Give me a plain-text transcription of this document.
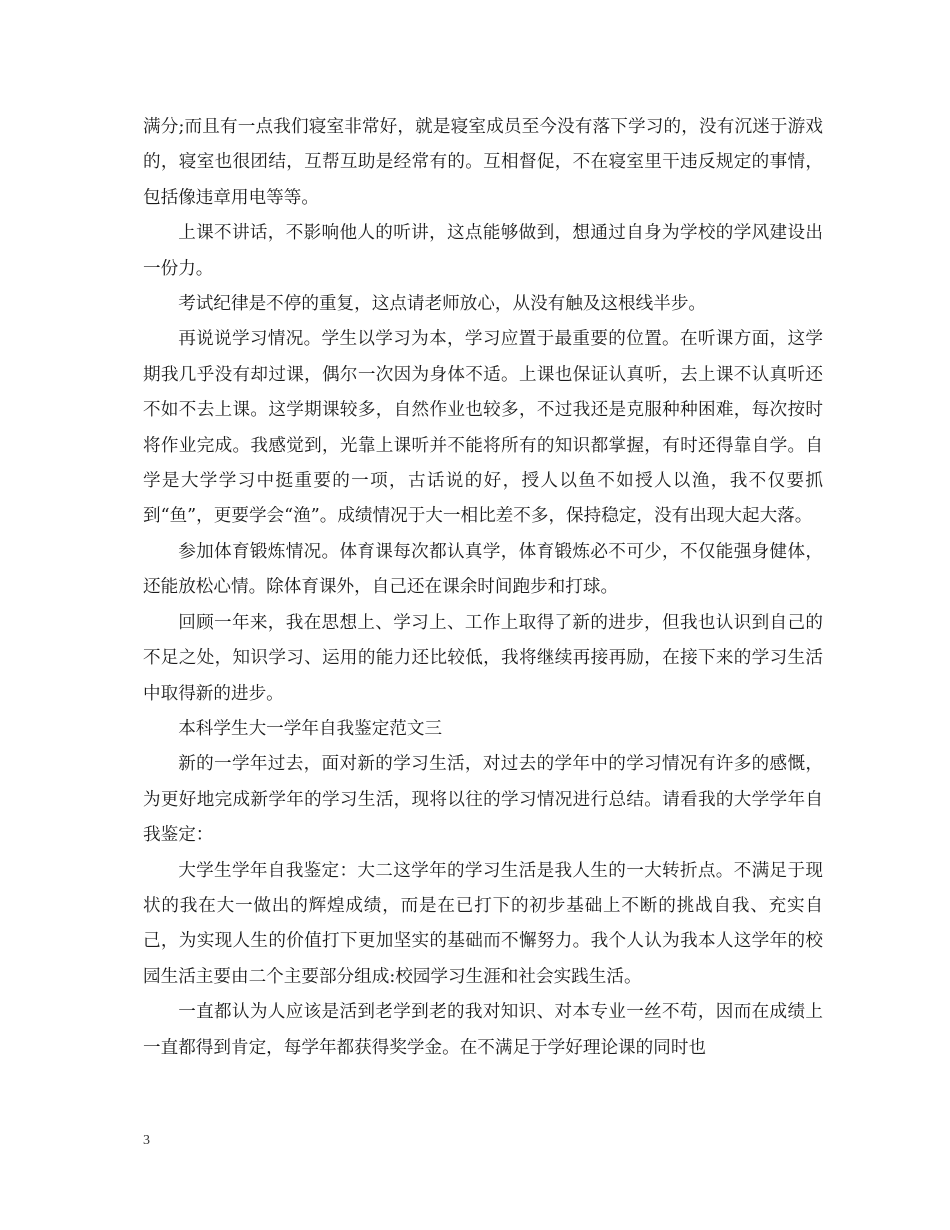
满分;而且有一点我们寝室非常好，就是寝室成员至今没有落下学习的，没有沉迷于游戏的，寝室也很团结，互帮互助是经常有的。互相督促，不在寝室里干违反规定的事情，包括像违章用电等等。

上课不讲话，不影响他人的听讲，这点能够做到，想通过自身为学校的学风建设出一份力。

考试纪律是不停的重复，这点请老师放心，从没有触及这根线半步。

再说说学习情况。学生以学习为本，学习应置于最重要的位置。在听课方面，这学期我几乎没有却过课，偶尔一次因为身体不适。上课也保证认真听，去上课不认真听还不如不去上课。这学期课较多，自然作业也较多，不过我还是克服种种困难，每次按时将作业完成。我感觉到，光靠上课听并不能将所有的知识都掌握，有时还得靠自学。自学是大学学习中挺重要的一项，古话说的好，授人以鱼不如授人以渔，我不仅要抓到“鱼”，更要学会“渔”。成绩情况于大一相比差不多，保持稳定，没有出现大起大落。

参加体育锻炼情况。体育课每次都认真学，体育锻炼必不可少，不仅能强身健体，还能放松心情。除体育课外，自己还在课余时间跑步和打球。

回顾一年来，我在思想上、学习上、工作上取得了新的进步，但我也认识到自己的不足之处，知识学习、运用的能力还比较低，我将继续再接再励，在接下来的学习生活中取得新的进步。

本科学生大一学年自我鉴定范文三

新的一学年过去，面对新的学习生活，对过去的学年中的学习情况有许多的感慨，为更好地完成新学年的学习生活，现将以往的学习情况进行总结。请看我的大学学年自我鉴定：

大学生学年自我鉴定：大二这学年的学习生活是我人生的一大转折点。不满足于现状的我在大一做出的辉煌成绩，而是在已打下的初步基础上不断的挑战自我、充实自己，为实现人生的价值打下更加坚实的基础而不懈努力。我个人认为我本人这学年的校园生活主要由二个主要部分组成:校园学习生涯和社会实践生活。

一直都认为人应该是活到老学到老的我对知识、对本专业一丝不苟，因而在成绩上一直都得到肯定，每学年都获得奖学金。在不满足于学好理论课的同时也

3
